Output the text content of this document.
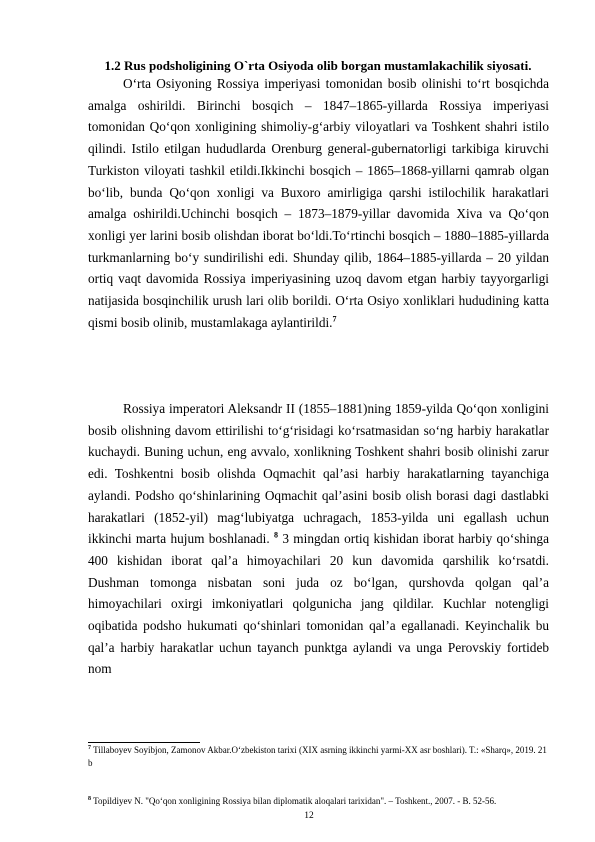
1.2 Rus podsholigining O`rta Osiyoda olib borgan mustamlakachilik siyosati.

O‘rta Osiyoning Rossiya imperiyasi tomonidan bosib olinishi to‘rt bosqichda amalga oshirildi. Birinchi bosqich – 1847–1865-yillarda Rossiya imperiyasi tomonidan Qo‘qon xonligining shimoliy-g‘arbiy viloyatlari va Toshkent shahri istilo qilindi. Istilo etilgan hududlarda Orenburg general-gubernatorligi tarkibiga kiruvchi Turkiston viloyati tashkil etildi.Ikkinchi bosqich – 1865–1868-yillarni qamrab olgan bo‘lib, bunda Qo‘qon xonligi va Buxoro amirligiga qarshi istilochilik harakatlari amalga oshirildi.Uchinchi bosqich – 1873–1879-yillar davomida Xiva va Qo‘qon xonligi yer larini bosib olishdan iborat bo‘ldi.To‘rtinchi bosqich – 1880–1885-yillarda turkmanlarning bo‘y sundirilishi edi. Shunday qilib, 1864–1885-yillarda – 20 yildan ortiq vaqt davomida Rossiya imperiyasining uzoq davom etgan harbiy tayyorgarligi natijasida bosqinchilik urush lari olib borildi. O‘rta Osiyo xonliklari hududining katta qismi bosib olinib, mustamlakaga aylantirildi.$^7$

Rossiya imperatori Aleksandr II (1855–1881)ning 1859-yilda Qo‘qon xonligini bosib olishning davom ettirilishi to‘g‘risidagi ko‘rsatmasidan so‘ng harbiy harakatlar kuchaydi. Buning uchun, eng avvalo, xonlikning Toshkent shahri bosib olinishi zarur edi. Toshkentni bosib olishda Oqmachit qal’asi harbiy harakatlarning tayanchiga aylandi. Podsho qo‘shinlarining Oqmachit qal’asini bosib olish borasi dagi dastlabki harakatlari (1852-yil) mag‘lubiyatga uchragach, 1853-yilda uni egallash uchun ikkinchi marta hujum boshlanadi. $^8$ 3 mingdan ortiq kishidan iborat harbiy qo‘shinga 400 kishidan iborat qal’a himoyachilari 20 kun davomida qarshilik ko‘rsatdi. Dushman tomonga nisbatan soni juda oz bo‘lgan, qurshovda qolgan qal’a himoyachilari oxirgi imkoniyatlari qolgunicha jang qildilar. Kuchlar notengligi oqibatida podsho hukumati qo‘shinlari tomonidan qal’a egallanadi. Keyinchalik bu qal’a harbiy harakatlar uchun tayanch punktga aylandi va unga Perovskiy fortideb nom

$^7$ Tillaboyev Soyibjon, Zamonov Akbar.O‘zbekiston tarixi (XIX asrning ikkinchi yarmi-XX asr boshlari). T.: «Sharq», 2019. 21 b

$^8$ Topildiyev N. "Qo‘qon xonligining Rossiya bilan diplomatik aloqalari tarixidan". – Toshkent., 2007. - B. 52-56.

12
